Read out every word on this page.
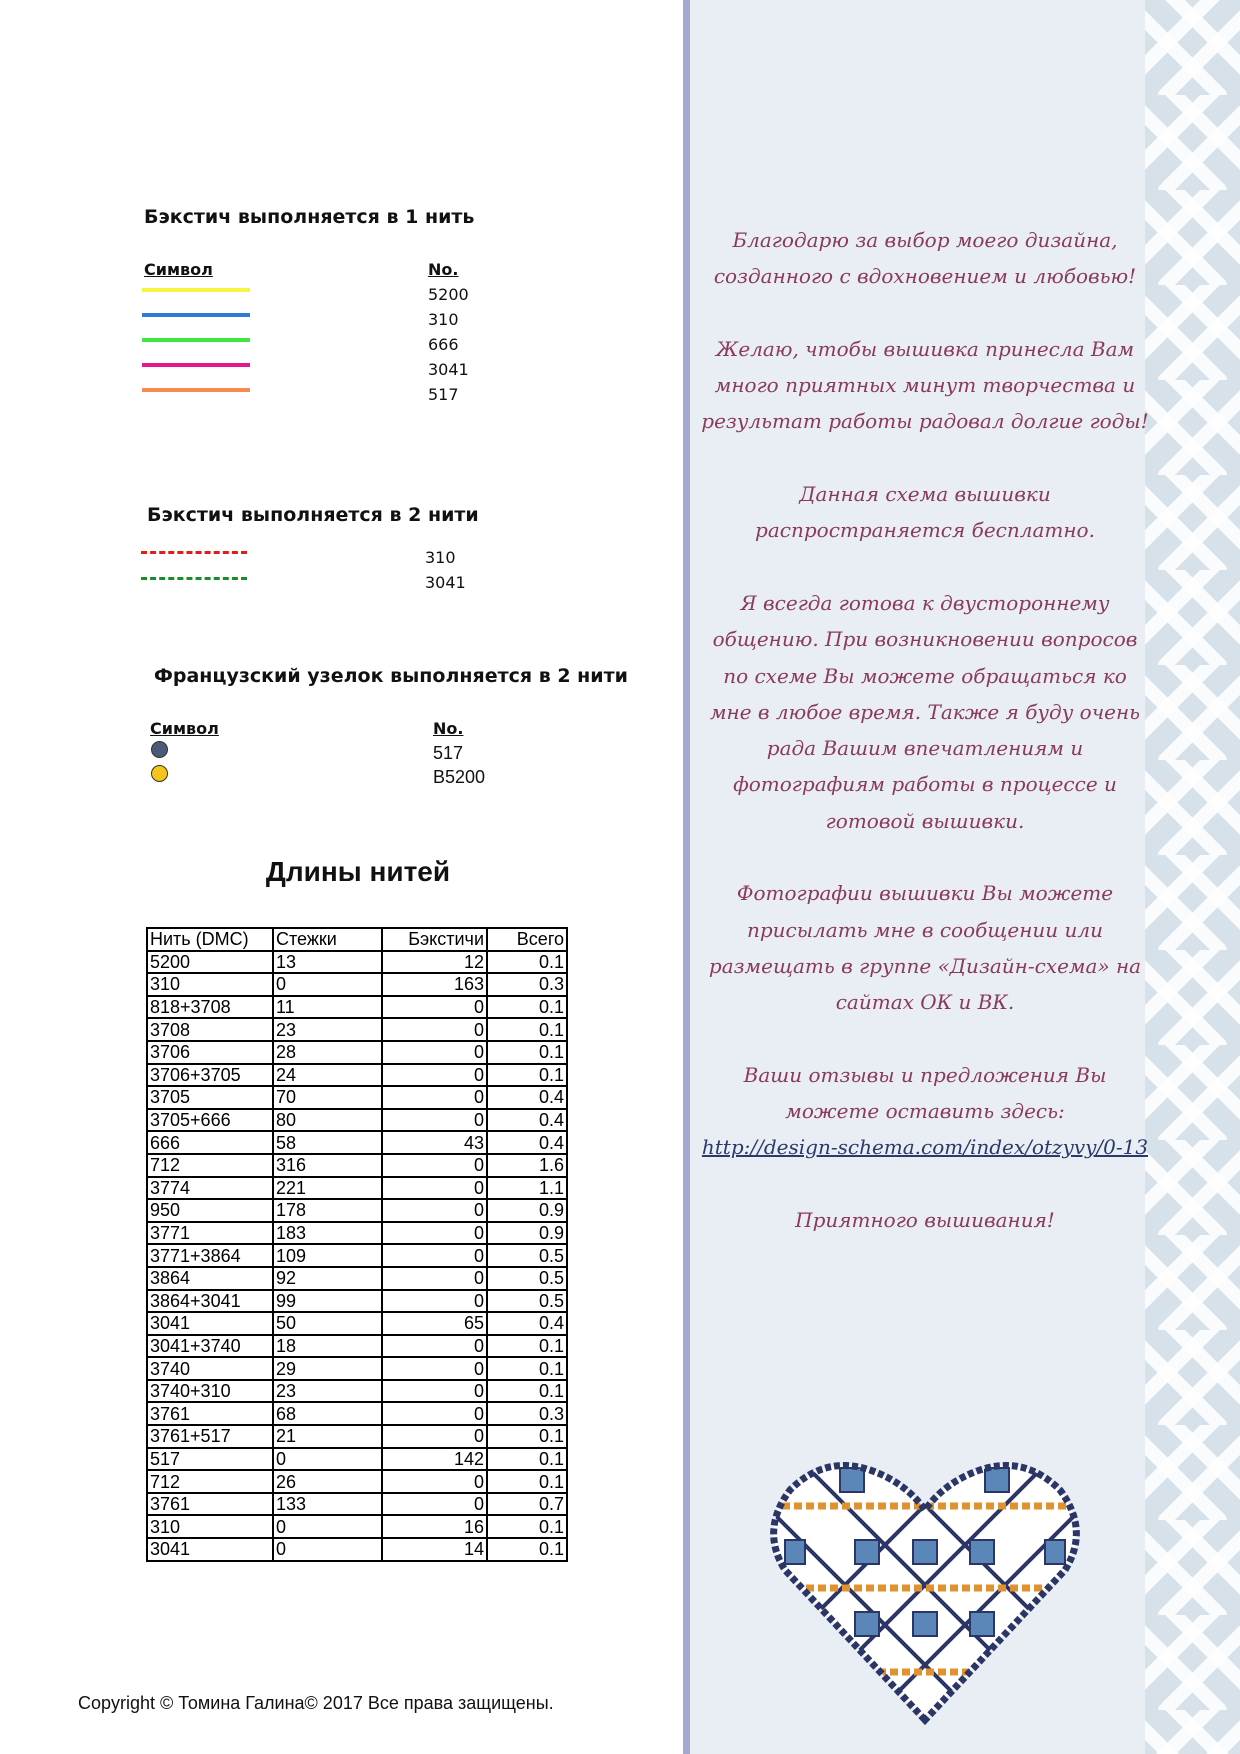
Бэкстич выполняется в 1 нить
Символ	No.
5200
310
666
3041
517
Бэкстич выполняется в 2 нити
310
3041
Французский узелок выполняется в 2 нити
Символ	No.
517
B5200
Длины нитей
Нить (DMC)	Стежки	Бэкстичи	Всего
5200	13	12	0.1
310	0	163	0.3
818+3708	11	0	0.1
3708	23	0	0.1
3706	28	0	0.1
3706+3705	24	0	0.1
3705	70	0	0.4
3705+666	80	0	0.4
666	58	43	0.4
712	316	0	1.6
3774	221	0	1.1
950	178	0	0.9
3771	183	0	0.9
3771+3864	109	0	0.5
3864	92	0	0.5
3864+3041	99	0	0.5
3041	50	65	0.4
3041+3740	18	0	0.1
3740	29	0	0.1
3740+310	23	0	0.1
3761	68	0	0.3
3761+517	21	0	0.1
517	0	142	0.1
712	26	0	0.1
3761	133	0	0.7
310	0	16	0.1
3041	0	14	0.1
Copyright © Томина Галина© 2017 Все права защищены.

Благодарю за выбор моего дизайна, созданного с вдохновением и любовью!

Желаю, чтобы вышивка принесла Вам много приятных минут творчества и результат работы радовал долгие годы!

Данная схема вышивки распространяется бесплатно.

Я всегда готова к двустороннему общению. При возникновении вопросов по схеме Вы можете обращаться ко мне в любое время. Также я буду очень рада Вашим впечатлениям и фотографиям работы в процессе и готовой вышивки.

Фотографии вышивки Вы можете присылать мне в сообщении или размещать в группе «Дизайн-схема» на сайтах ОК и ВК.

Ваши отзывы и предложения Вы можете оставить здесь:
http://design-schema.com/index/otzyvy/0-13

Приятного вышивания!
